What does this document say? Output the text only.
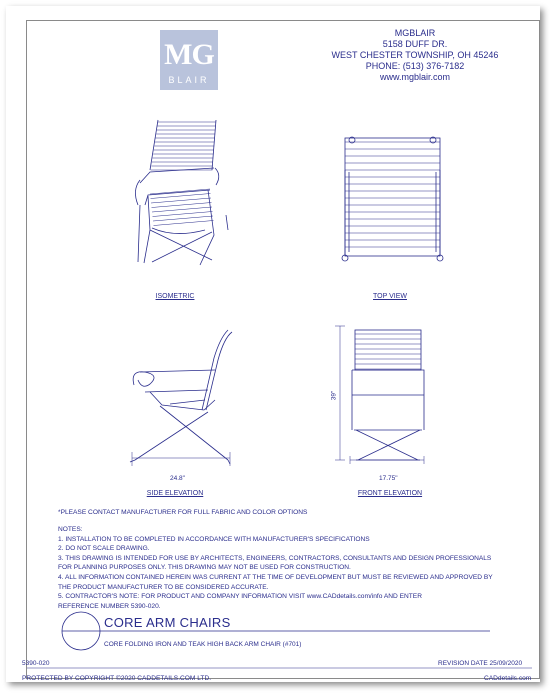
MG
BLAIR
MGBLAIR
5158 DUFF DR.
WEST CHESTER TOWNSHIP, OH 45246
PHONE: (513) 376-7182
www.mgblair.com
ISOMETRIC	TOP VIEW
SIDE ELEVATION	FRONT ELEVATION
24.8"	17.75"
39"
*PLEASE CONTACT MANUFACTURER FOR FULL FABRIC AND COLOR OPTIONS
NOTES:
1. INSTALLATION TO BE COMPLETED IN ACCORDANCE WITH MANUFACTURER'S SPECIFICATIONS
2. DO NOT SCALE DRAWING.
3. THIS DRAWING IS INTENDED FOR USE BY ARCHITECTS, ENGINEERS, CONTRACTORS, CONSULTANTS AND DESIGN PROFESSIONALS
FOR PLANNING PURPOSES ONLY. THIS DRAWING MAY NOT BE USED FOR CONSTRUCTION.
4. ALL INFORMATION CONTAINED HEREIN WAS CURRENT AT THE TIME OF DEVELOPMENT BUT MUST BE REVIEWED AND APPROVED BY
THE PRODUCT MANUFACTURER TO BE CONSIDERED ACCURATE.
5. CONTRACTOR'S NOTE: FOR PRODUCT AND COMPANY INFORMATION VISIT www.CADdetails.com/info AND ENTER
REFERENCE NUMBER 5390-020.
CORE ARM CHAIRS
CORE FOLDING IRON AND TEAK HIGH BACK ARM CHAIR (#701)
5390-020	REVISION DATE 25/09/2020
PROTECTED BY COPYRIGHT ©2020 CADDETAILS.COM LTD.	CADdetails.com
